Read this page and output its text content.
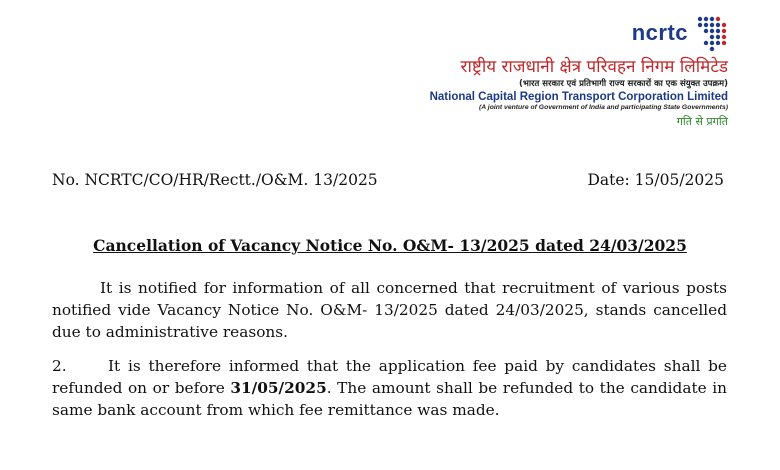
ncrtc
राष्ट्रीय राजधानी क्षेत्र परिवहन निगम लिमिटेड
(भारत सरकार एवं प्रतिभागी राज्य सरकारों का एक संयुक्त उपक्रम)
National Capital Region Transport Corporation Limited
(A joint venture of Government of India and participating State Governments)
गति से प्रगति
No. NCRTC/CO/HR/Rectt./O&M. 13/2025	Date: 15/05/2025
Cancellation of Vacancy Notice No. O&M- 13/2025 dated 24/03/2025
It is notified for information of all concerned that recruitment of various posts notified vide Vacancy Notice No. O&M- 13/2025 dated 24/03/2025, stands cancelled due to administrative reasons.
2.	It is therefore informed that the application fee paid by candidates shall be refunded on or before 31/05/2025. The amount shall be refunded to the candidate in same bank account from which fee remittance was made.
